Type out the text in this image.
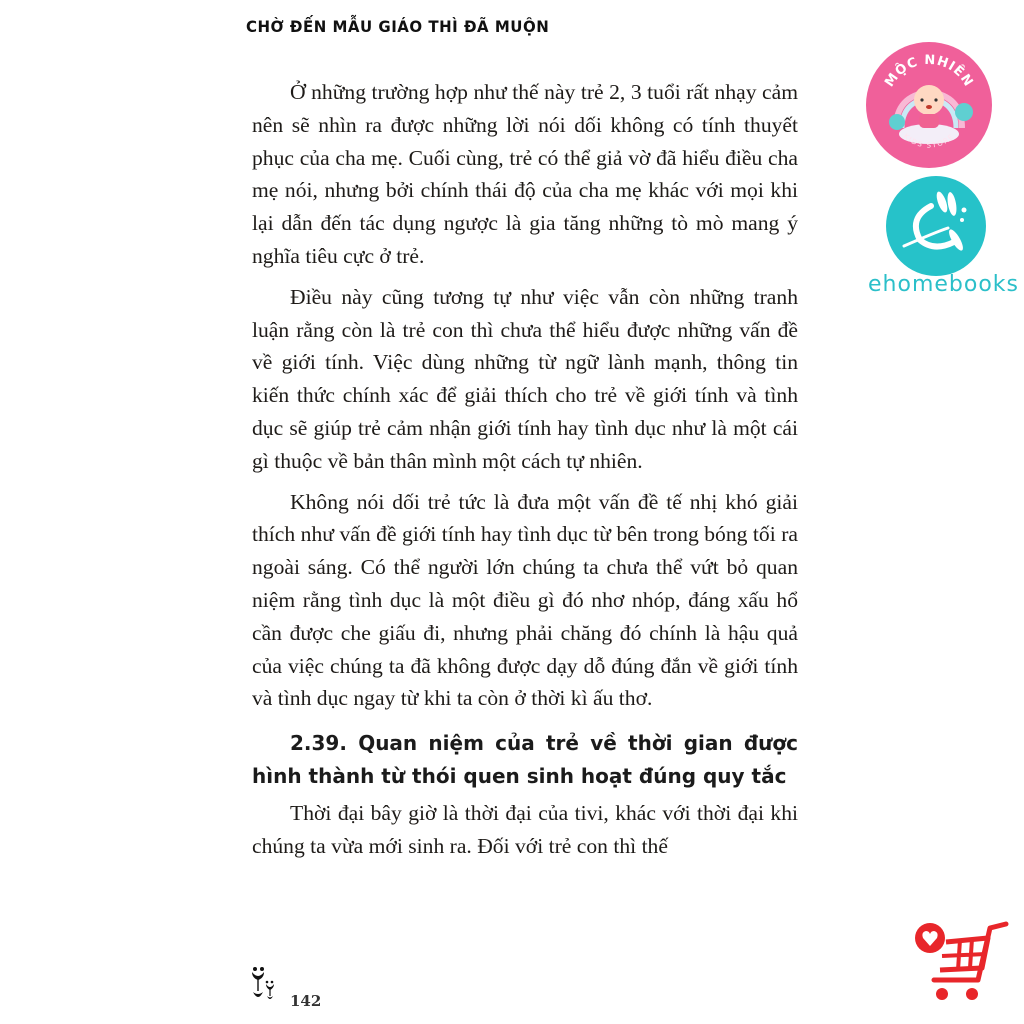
CHỜ ĐẾN MẪU GIÁO THÌ ĐÃ MUỘN

Ở những trường hợp như thế này trẻ 2, 3 tuổi rất nhạy cảm nên sẽ nhìn ra được những lời nói dối không có tính thuyết phục của cha mẹ. Cuối cùng, trẻ có thể giả vờ đã hiểu điều cha mẹ nói, nhưng bởi chính thái độ của cha mẹ khác với mọi khi lại dẫn đến tác dụng ngược là gia tăng những tò mò mang ý nghĩa tiêu cực ở trẻ.

Điều này cũng tương tự như việc vẫn còn những tranh luận rằng còn là trẻ con thì chưa thể hiểu được những vấn đề về giới tính. Việc dùng những từ ngữ lành mạnh, thông tin kiến thức chính xác để giải thích cho trẻ về giới tính và tình dục sẽ giúp trẻ cảm nhận giới tính hay tình dục như là một cái gì thuộc về bản thân mình một cách tự nhiên.

Không nói dối trẻ tức là đưa một vấn đề tế nhị khó giải thích như vấn đề giới tính hay tình dục từ bên trong bóng tối ra ngoài sáng. Có thể người lớn chúng ta chưa thể vứt bỏ quan niệm rằng tình dục là một điều gì đó nhơ nhóp, đáng xấu hổ cần được che giấu đi, nhưng phải chăng đó chính là hậu quả của việc chúng ta đã không được dạy dỗ đúng đắn về giới tính và tình dục ngay từ khi ta còn ở thời kì ấu thơ.

2.39. Quan niệm của trẻ về thời gian được hình thành từ thói quen sinh hoạt đúng quy tắc

Thời đại bây giờ là thời đại của tivi, khác với thời đại khi chúng ta vừa mới sinh ra. Đối với trẻ con thì thế

142
MỘC NHIÊN
KIDS STORE
ehomebooks
